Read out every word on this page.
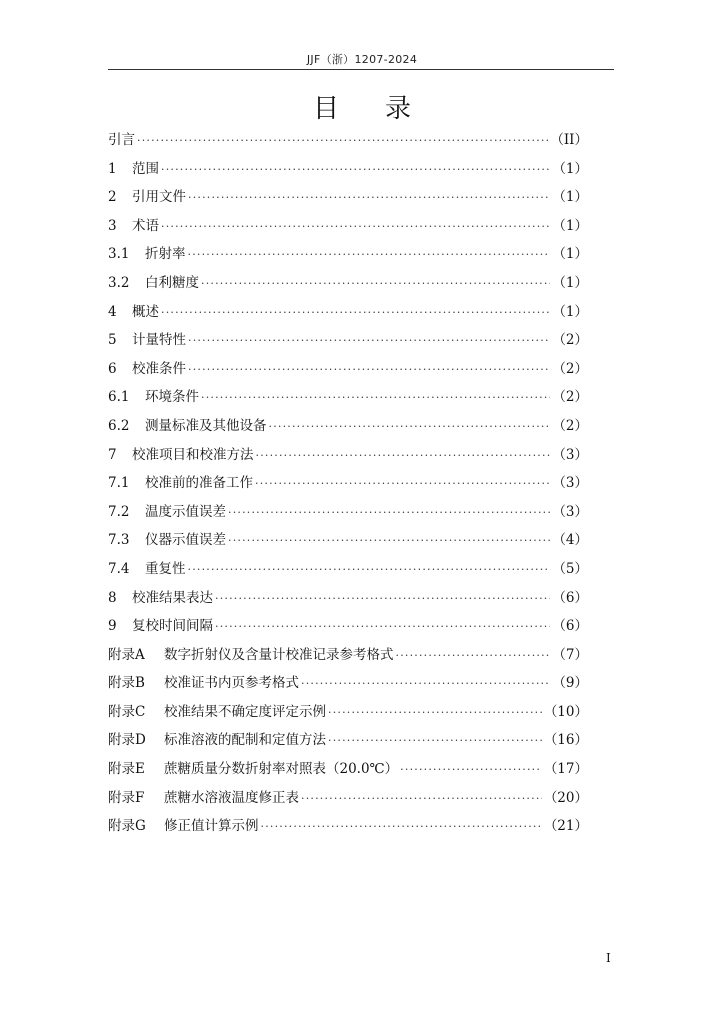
JJF（浙）1207-2024
目录
引言 ·····	（II）
1	范围 ·····	（1）
2	引用文件 ·····	（1）
3	术语 ·····	（1）
3.1	折射率 ·····	（1）
3.2	白利糖度 ·····	（1）
4	概述 ·····	（1）
5	计量特性 ·····	（2）
6	校准条件 ·····	（2）
6.1	环境条件 ·····	（2）
6.2	测量标准及其他设备 ·····	（2）
7	校准项目和校准方法 ·····	（3）
7.1	校准前的准备工作 ·····	（3）
7.2	温度示值误差 ·····	（3）
7.3	仪器示值误差 ·····	（4）
7.4	重复性 ·····	（5）
8	校准结果表达 ·····	（6）
9	复校时间间隔 ·····	（6）
附录A	数字折射仪及含量计校准记录参考格式 ·····	（7）
附录B	校准证书内页参考格式 ·····	（9）
附录C	校准结果不确定度评定示例 ·····	（10）
附录D	标准溶液的配制和定值方法 ·····	（16）
附录E	蔗糖质量分数折射率对照表（20.0℃） ·····	（17）
附录F	蔗糖水溶液温度修正表 ·····	（20）
附录G	修正值计算示例 ·····	（21）
I
